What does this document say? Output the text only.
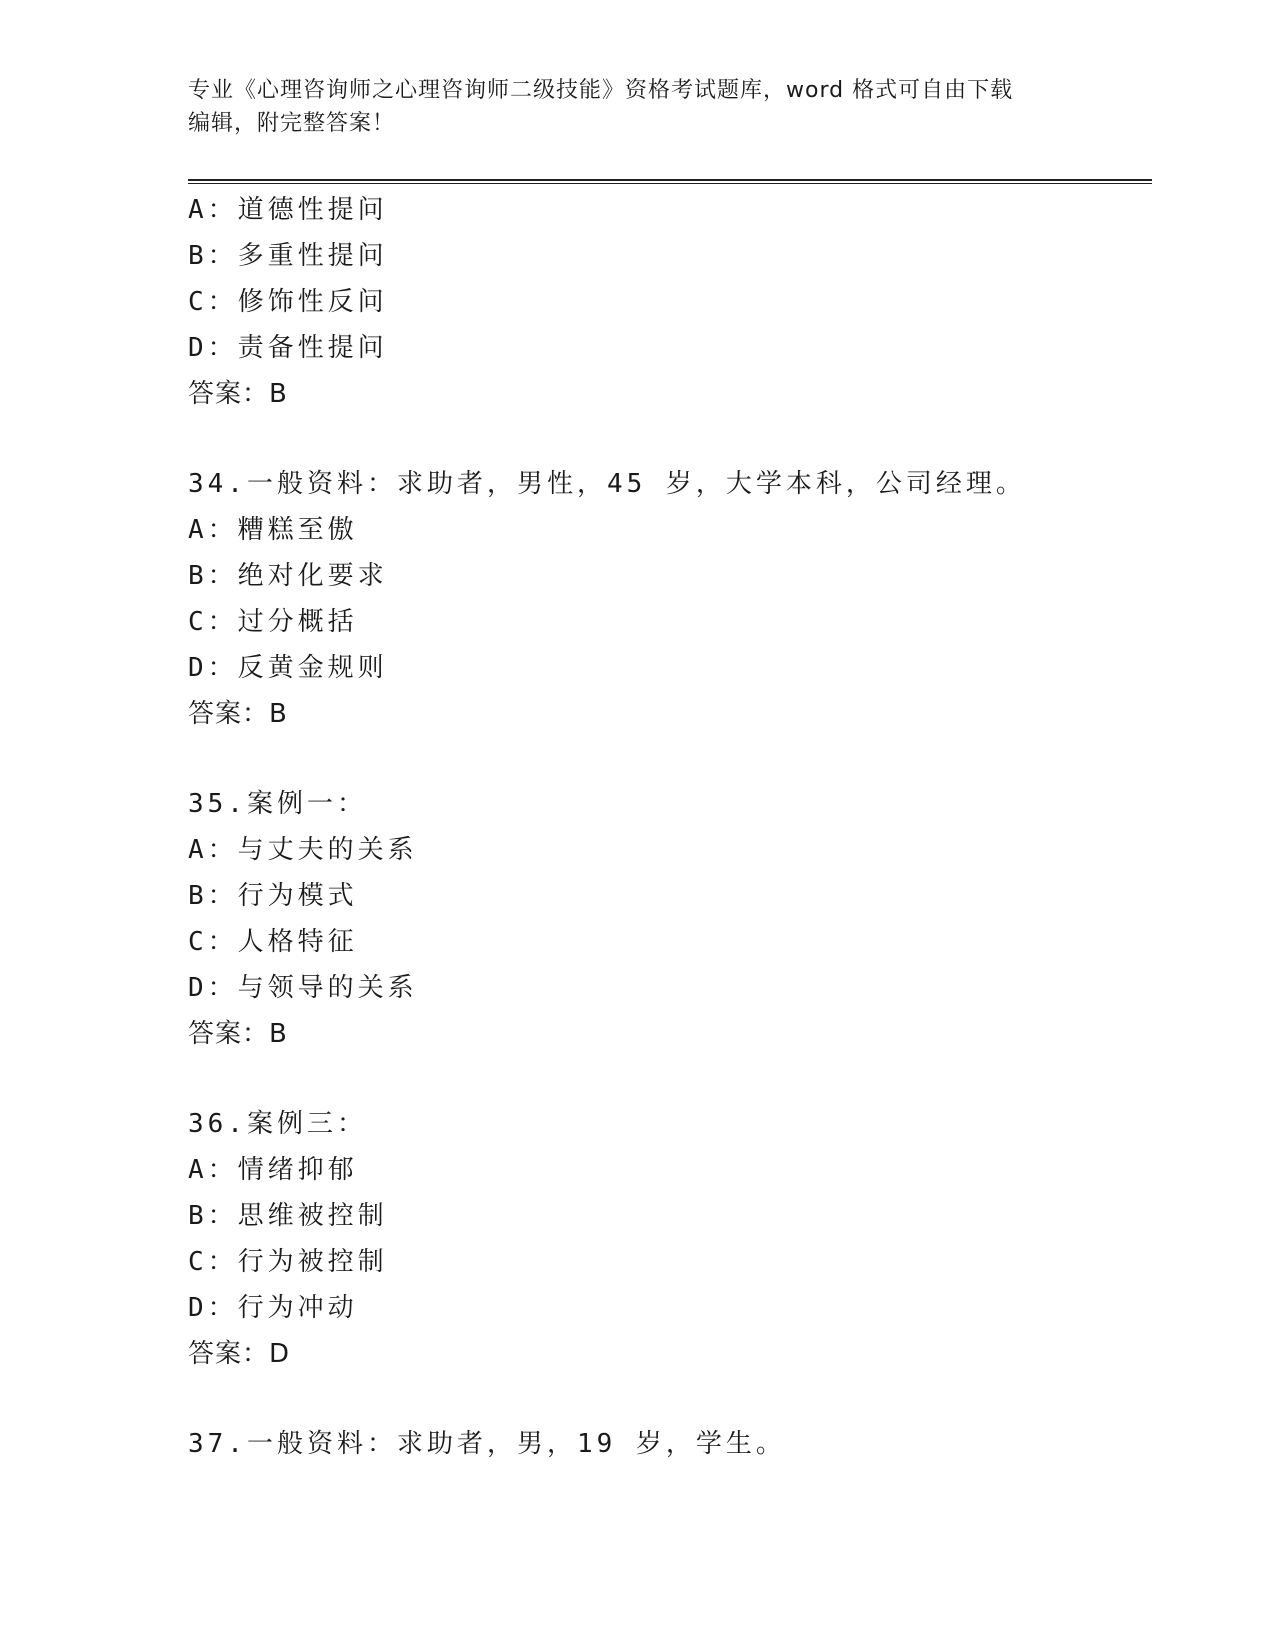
专业《心理咨询师之心理咨询师二级技能》资格考试题库，word 格式可自由下载
编辑，附完整答案！
A：道德性提问
B：多重性提问
C：修饰性反问
D：责备性提问
答案：B
34.一般资料：求助者，男性，45 岁，大学本科，公司经理。
A：糟糕至傲
B：绝对化要求
C：过分概括
D：反黄金规则
答案：B
35.案例一：
A：与丈夫的关系
B：行为模式
C：人格特征
D：与领导的关系
答案：B
36.案例三：
A：情绪抑郁
B：思维被控制
C：行为被控制
D：行为冲动
答案：D
37.一般资料：求助者，男，19 岁，学生。
